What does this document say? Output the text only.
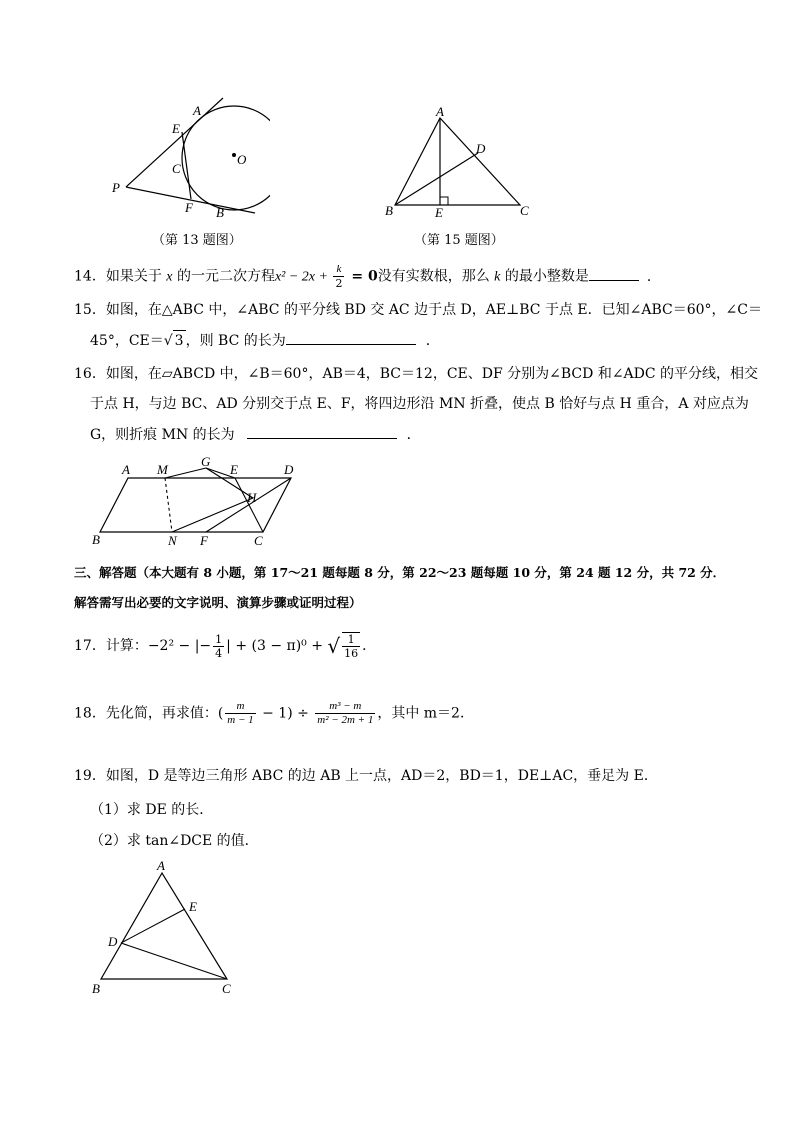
A
E
C
O
P
F B
（第 13 题图）
A
D
B	E	C
（第 15 题图）
14．如果关于 x 的一元二次方程$x^2 - 2x + \frac{k}{2} = 0$没有实数根，那么 k 的最小整数是	．
15．如图，在△ABC 中，∠ABC 的平分线 BD 交 AC 边于点 D，AE⊥BC 于点 E．已知∠ABC＝60°，∠C＝
45°，CE＝√ 3 ，则 BC 的长为	．
16．如图，在▱ABCD 中，∠B＝60°，AB＝4，BC＝12，CE、DF 分别为∠BCD 和∠ADC 的平分线，相交
于点 H，与边 BC、AD 分别交于点 E、F，将四边形沿 MN 折叠，使点 B 恰好与点 H 重合，A 对应点为
G，则折痕 MN 的长为	．
A M
G
E	D
H
B	N F	C
三、解答题（本大题有 8 小题，第 17～21 题每题 8 分，第 22～23 题每题 10 分，第 24 题 12 分，共 72 分．
解答需写出必要的文字说明、演算步骤或证明过程）
17．计算：−2² − |− $\frac{1}{4}$ | + (3 − π)⁰ + √ $\frac{1}{16}$ ．
18．先化简，再求值：( $\frac{m}{m - 1} - 1) \div \frac{\text{m³ − m}}{\text{m² − 2m + 1}}$ ，其中 m＝2．
19．如图，D 是等边三角形 ABC 的边 AB 上一点，AD＝2，BD＝1，DE⊥AC，垂足为 E．
（1）求 DE 的长．
（2）求 tan∠DCE 的值．
A
E
D
B	C
